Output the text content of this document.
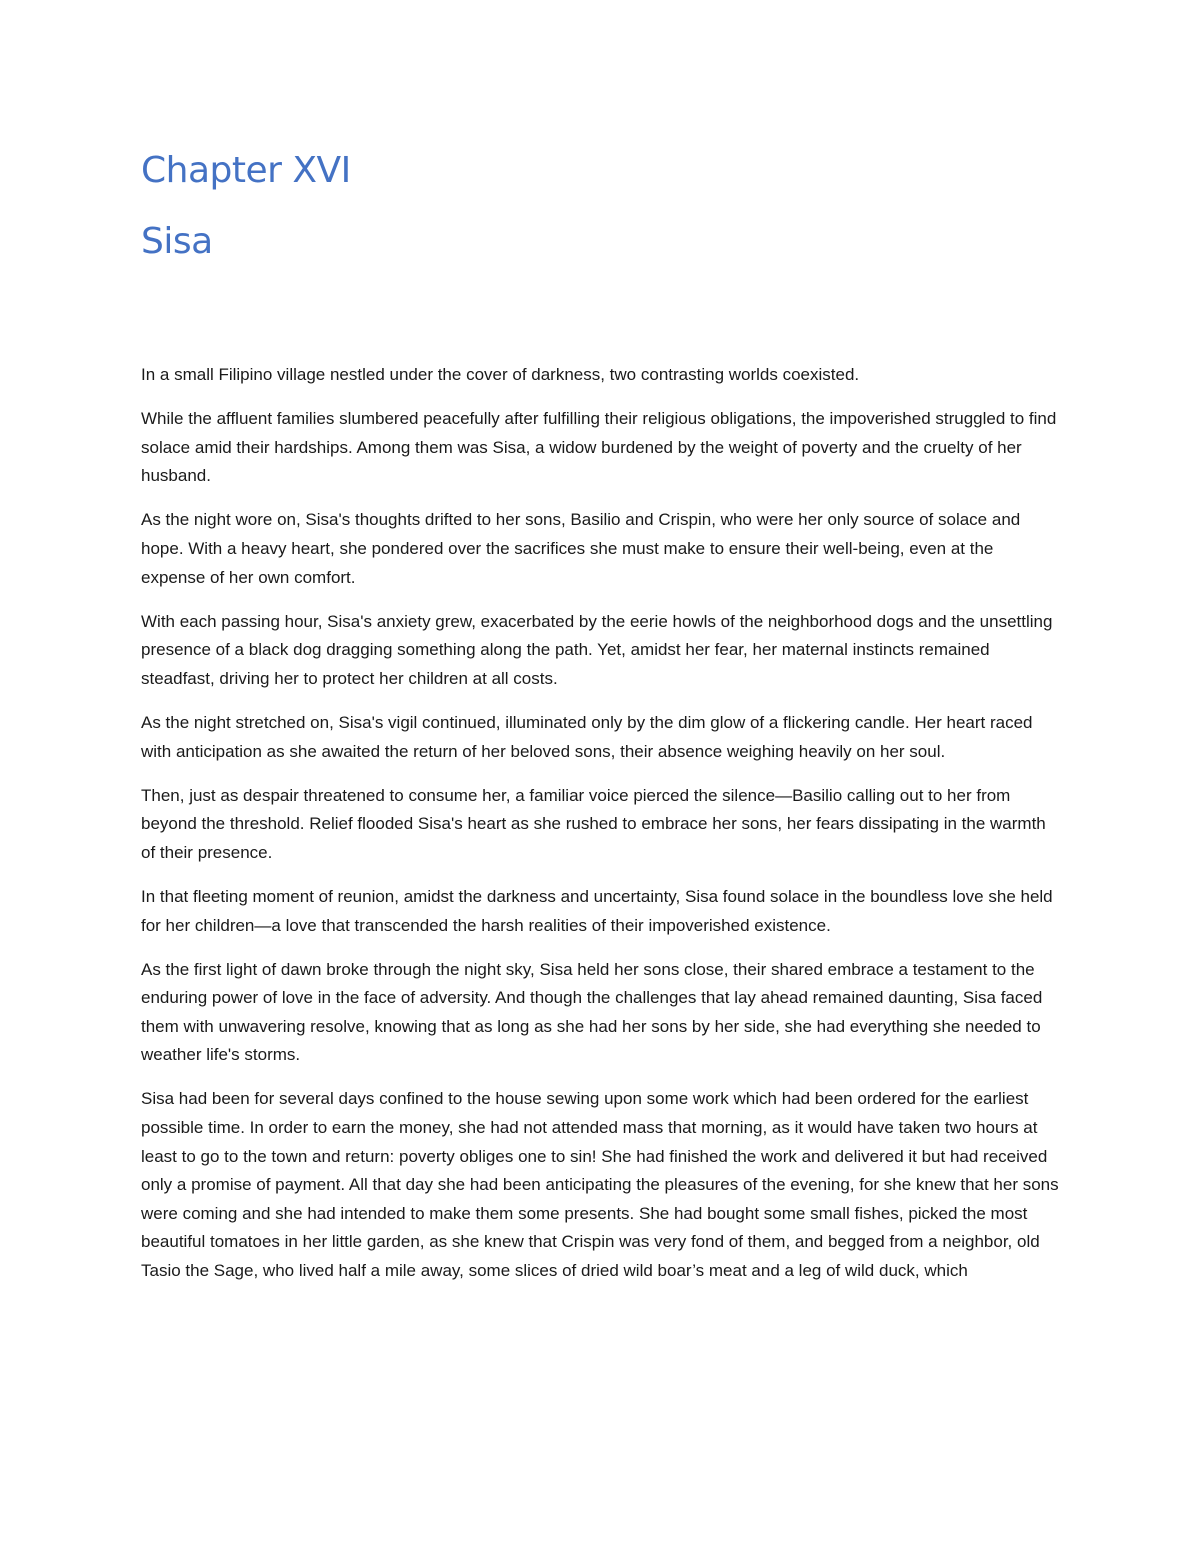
Chapter XVI
Sisa

In a small Filipino village nestled under the cover of darkness, two contrasting worlds coexisted.

While the affluent families slumbered peacefully after fulfilling their religious obligations, the impoverished struggled to find solace amid their hardships. Among them was Sisa, a widow burdened by the weight of poverty and the cruelty of her husband.

As the night wore on, Sisa's thoughts drifted to her sons, Basilio and Crispin, who were her only source of solace and hope. With a heavy heart, she pondered over the sacrifices she must make to ensure their well-being, even at the expense of her own comfort.

With each passing hour, Sisa's anxiety grew, exacerbated by the eerie howls of the neighborhood dogs and the unsettling presence of a black dog dragging something along the path. Yet, amidst her fear, her maternal instincts remained steadfast, driving her to protect her children at all costs.

As the night stretched on, Sisa's vigil continued, illuminated only by the dim glow of a flickering candle. Her heart raced with anticipation as she awaited the return of her beloved sons, their absence weighing heavily on her soul.

Then, just as despair threatened to consume her, a familiar voice pierced the silence—Basilio calling out to her from beyond the threshold. Relief flooded Sisa's heart as she rushed to embrace her sons, her fears dissipating in the warmth of their presence.

In that fleeting moment of reunion, amidst the darkness and uncertainty, Sisa found solace in the boundless love she held for her children—a love that transcended the harsh realities of their impoverished existence.

As the first light of dawn broke through the night sky, Sisa held her sons close, their shared embrace a testament to the enduring power of love in the face of adversity. And though the challenges that lay ahead remained daunting, Sisa faced them with unwavering resolve, knowing that as long as she had her sons by her side, she had everything she needed to weather life's storms.

Sisa had been for several days confined to the house sewing upon some work which had been ordered for the earliest possible time. In order to earn the money, she had not attended mass that morning, as it would have taken two hours at least to go to the town and return: poverty obliges one to sin! She had finished the work and delivered it but had received only a promise of payment. All that day she had been anticipating the pleasures of the evening, for she knew that her sons were coming and she had intended to make them some presents. She had bought some small fishes, picked the most beautiful tomatoes in her little garden, as she knew that Crispin was very fond of them, and begged from a neighbor, old Tasio the Sage, who lived half a mile away, some slices of dried wild boar’s meat and a leg of wild duck, which
